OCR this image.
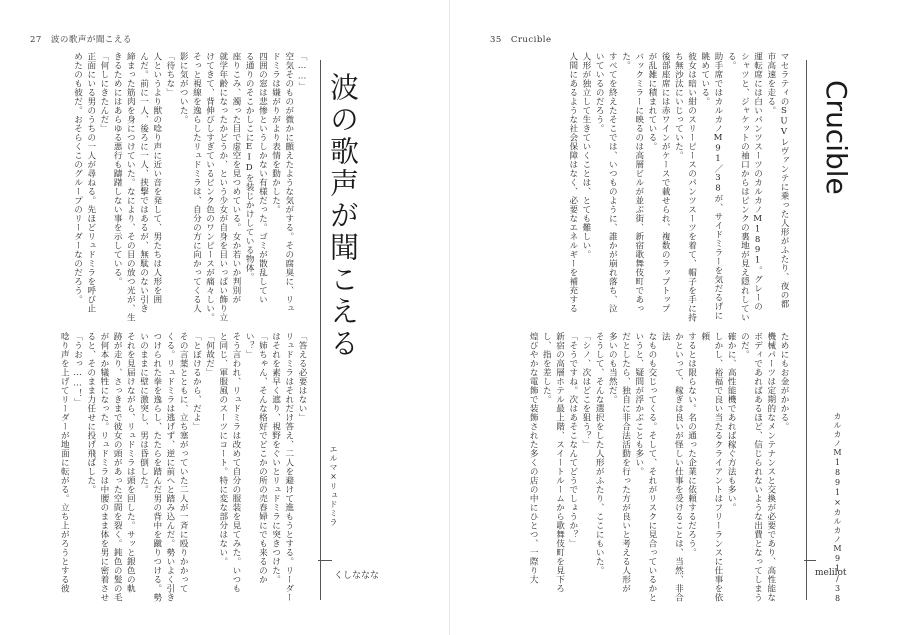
27　波の歌声が聞こえる
「……」
空気そのものが微かに顫えたような気がする。その腐臭に、リュ
ドミラは嫌がりがより表情を動かした。
四囲の窓は悲惨というしかない有様だった。ゴミが散乱してい
る通りのそこかしこにEIDを装じかけしている物体。
座りこみ、濁った目で虚空を見つめている。女か若いか判別が
就学年齢になったかどうか、という少女が自身を目いっぱい飾り立
けてきて、背伸びしすぎているピンク色のワンピースが痛々しい。
そっと視線を逸らしたリュドミラは、自分の方に向かってくる人
影に気がついた。
「待ちな」
人というより獣の唸り声に近い音を発して、男たちは人形を囲
んだ。前に一人、後ろに一人、挟撃ではあるが、無駄のない引き
締まった筋肉を身につけていた。なにより、その目の放つ光が、生
きるためにはあらゆる悪行も躊躇しない事を示している。
「何しにきたんだ」
正面にいる男のうちの一人が尋ねる。先ほどリュドミラを呼び止
めたのも彼だ。おそらくこのグループのリーダーなのだろう。	波の歌声が聞こえる
エルマ×リュドミラ
くしななな
「答える必要はない」
リュドミラはそれだけ答え、二人を避けて進もうとする。リーダー
はそれを素早く遮り、視野をぐいとリュドミラに突きつけた。
「姉ちゃん、そんな格好でどこかの所の売春婦にでも来るのかい？」
そう言われ、リュドミラは改めて自分の服装を見てみた。いつも
と同じ、軍服風のスーツにコート。特に変な部分はない。
「何故だ」
「とぼけるから、だよ」
その言葉とともに、立ち塞がっていた二人が一斉に殴りかかって
くる。リュドミラは逃げず、逆に前へと踏み込んだ。勢いよく引き
つけられた拳を逸らし、たたらを踏んだ男の背中を蹴りつける。勢
いのままに壁に激突し、男は昏倒した。
それを見届けながら、リュドミラは頭を回した。サッと銀色の軌
跡が走り、さっきまで彼女の頭があった空間を裂く。鈍色の髪の毛
が何本か犠牲になった。リュドミラは中腰のまま体を男に密着させ
ると、そのまま力任せに投げ飛ばした。
「うおっ……！」
唸り声を上げてリーダーが地面に転がる。立ち上がろうとする彼
35　Crucible
Crucible
カルカノM1891×カルカノM91/38
melilot
マセラティのSUVレヴァンテに乗った人形がふたり、夜の都
市高速を走る。
運転席には白いパンツスーツのカルカノM1891。グレーの
シャツと、ジャケットの袖口からはピンクの裏地が見え隠れしてい
る。
助手席ではカルカノM91／38が、サイドミラーを気だるげに
眺めている。
彼女は暗い紺のスリーピースのパンツスーツを着て、帽子を手に持
ち無沙汰にいじっていた。
後部座席には赤ワインがケースで載せられ、複数のラップトップ
が乱雑に積まれている。
バックミラーに映るのは高層ビルが並ぶ街、新宿歌舞伎町であっ
た。
すべてを終えたそこでは、いつものように、誰かが崩れ落ち、泣
いているのだろう。
人形が独立して生きていくことは、とても難しい。
人間にあるような社会保障はなく、必要なエネルギーを補充する
ためにもお金がかかる。
機械パーツは定期的なメンテナンスと交換が必要であり、高性能な
ボディであればあるほど、信じられないような出費となってしまう
のだ。
確かに、高性能機であれば稼ぐ方法も多い。
しかし、裕福で良い当たるクライアントはフリーランスに仕事を依頼
するとは限らない。名の通った企業に依頼するだろう。
かといって、稼ぎは良いが怪しい仕事を受けることは、当然、非合法
なものも交じってくる。そして、それがリスクに見合っているかと
いうと、疑問が浮かぶことも多い。
だとしたら、独自に非合法活動を行った方が良いと考える人形が
多いのも当然だ。
そうして、そんな選択をした人形がふたり、ここにもいた。
「シノ、次はどこを狙う？」
「そうですね。次はあそこなんてどうでしょうか？」
新宿の高層ホテル最上階、スイートルームから歌舞伎町を見下ろ
し、指を差した。
煌びやかな電飾で装飾された多くの店の中にひとつ、一際り大
